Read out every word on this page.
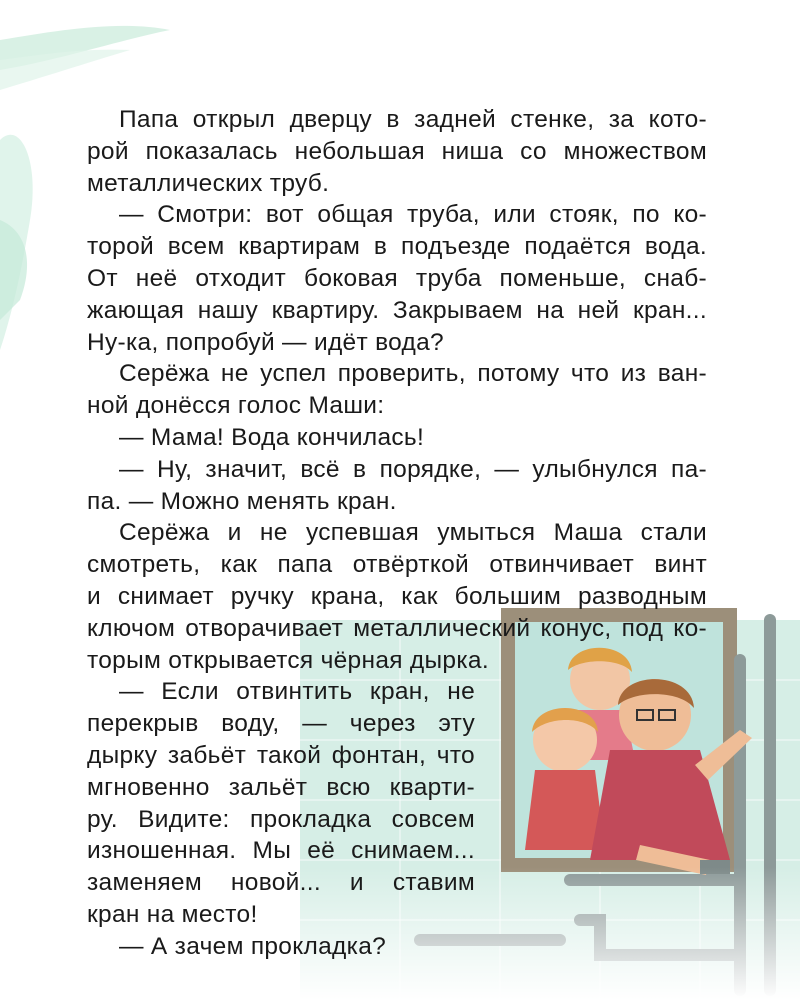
Папа открыл дверцу в задней стенке, за кото-
рой показалась небольшая ниша со множеством
металлических труб.
— Смотри: вот общая труба, или стояк, по ко-
торой всем квартирам в подъезде подаётся вода.
От неё отходит боковая труба поменьше, снаб-
жающая нашу квартиру. Закрываем на ней кран...
Ну-ка, попробуй — идёт вода?
Серёжа не успел проверить, потому что из ван-
ной донёсся голос Маши:
— Мама! Вода кончилась!
— Ну, значит, всё в порядке, — улыбнулся па-
па. — Можно менять кран.
Серёжа и не успевшая умыться Маша стали
смотреть, как папа отвёрткой отвинчивает винт
и снимает ручку крана, как большим разводным
ключом отворачивает металлический конус, под ко-
торым открывается чёрная дырка.
— Если отвинтить кран, не
перекрыв воду, — через эту
дырку забьёт такой фонтан, что
мгновенно зальёт всю кварти-
ру. Видите: прокладка совсем
изношенная. Мы её снимаем...
заменяем новой... и ставим
кран на место!
— А зачем прокладка?
